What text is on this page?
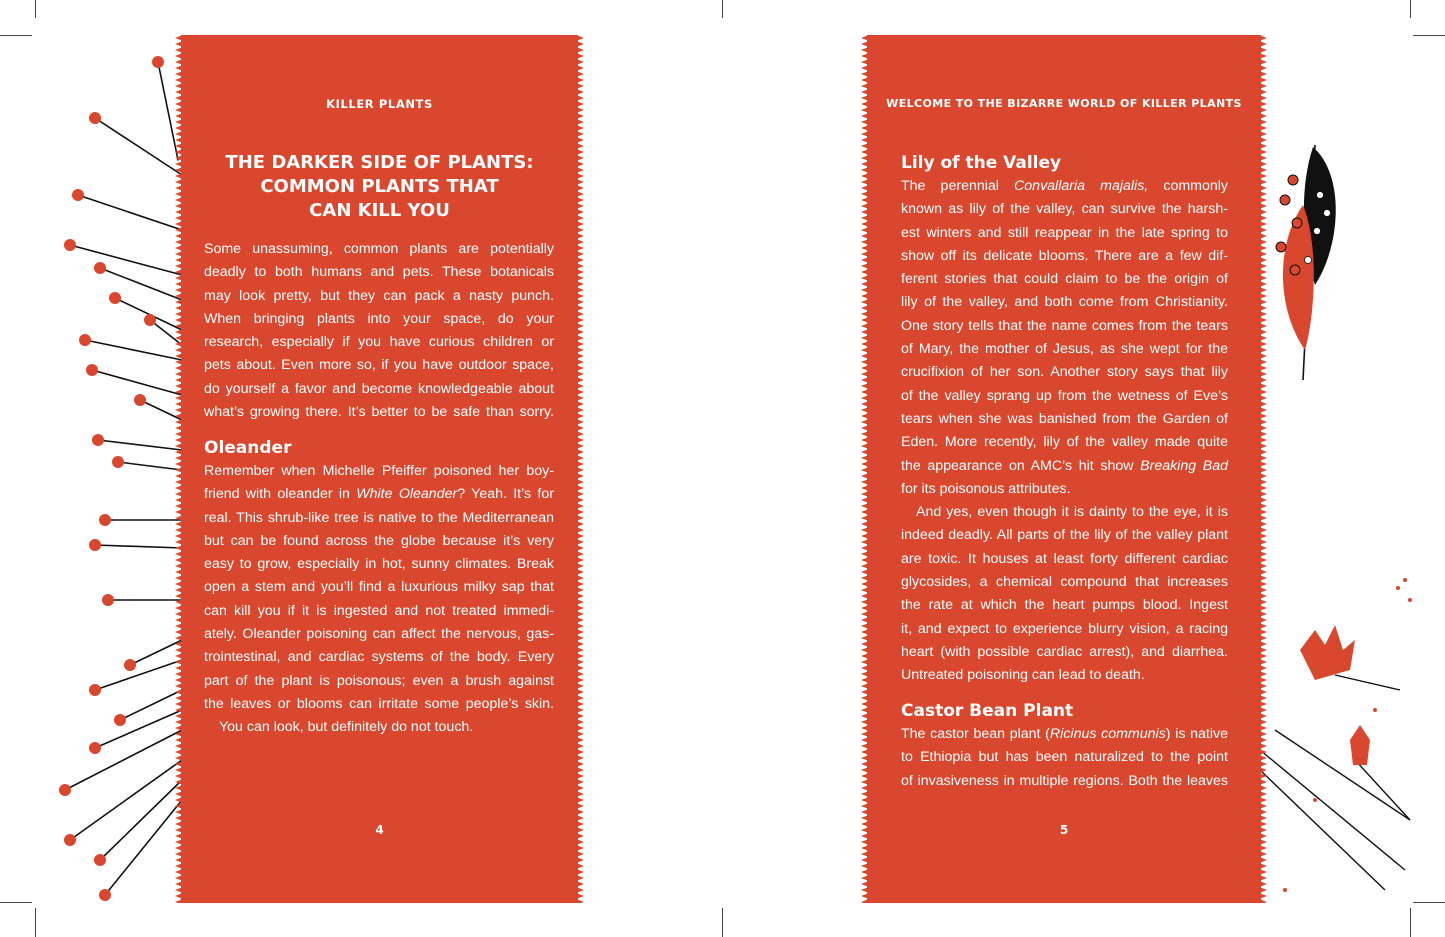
KILLER PLANTS
THE DARKER SIDE OF PLANTS:
COMMON PLANTS THAT
CAN KILL YOU
Some unassuming, common plants are potentially
deadly to both humans and pets. These botanicals
may look pretty, but they can pack a nasty punch.
When bringing plants into your space, do your
research, especially if you have curious children or
pets about. Even more so, if you have outdoor space,
do yourself a favor and become knowledgeable about
what’s growing there. It’s better to be safe than sorry.
Oleander
Remember when Michelle Pfeiffer poisoned her boy-
friend with oleander in White Oleander? Yeah. It’s for
real. This shrub-like tree is native to the Mediterranean
but can be found across the globe because it’s very
easy to grow, especially in hot, sunny climates. Break
open a stem and you’ll find a luxurious milky sap that
can kill you if it is ingested and not treated immedi-
ately. Oleander poisoning can affect the nervous, gas-
trointestinal, and cardiac systems of the body. Every
part of the plant is poisonous; even a brush against
the leaves or blooms can irritate some people’s skin.
You can look, but definitely do not touch.
4
WELCOME TO THE BIZARRE WORLD OF KILLER PLANTS
Lily of the Valley
The perennial Convallaria majalis, commonly
known as lily of the valley, can survive the harsh-
est winters and still reappear in the late spring to
show off its delicate blooms. There are a few dif-
ferent stories that could claim to be the origin of
lily of the valley, and both come from Christianity.
One story tells that the name comes from the tears
of Mary, the mother of Jesus, as she wept for the
crucifixion of her son. Another story says that lily
of the valley sprang up from the wetness of Eve’s
tears when she was banished from the Garden of
Eden. More recently, lily of the valley made quite
the appearance on AMC’s hit show Breaking Bad
for its poisonous attributes.
And yes, even though it is dainty to the eye, it is
indeed deadly. All parts of the lily of the valley plant
are toxic. It houses at least forty different cardiac
glycosides, a chemical compound that increases
the rate at which the heart pumps blood. Ingest
it, and expect to experience blurry vision, a racing
heart (with possible cardiac arrest), and diarrhea.
Untreated poisoning can lead to death.
Castor Bean Plant
The castor bean plant (Ricinus communis) is native
to Ethiopia but has been naturalized to the point
of invasiveness in multiple regions. Both the leaves
5
